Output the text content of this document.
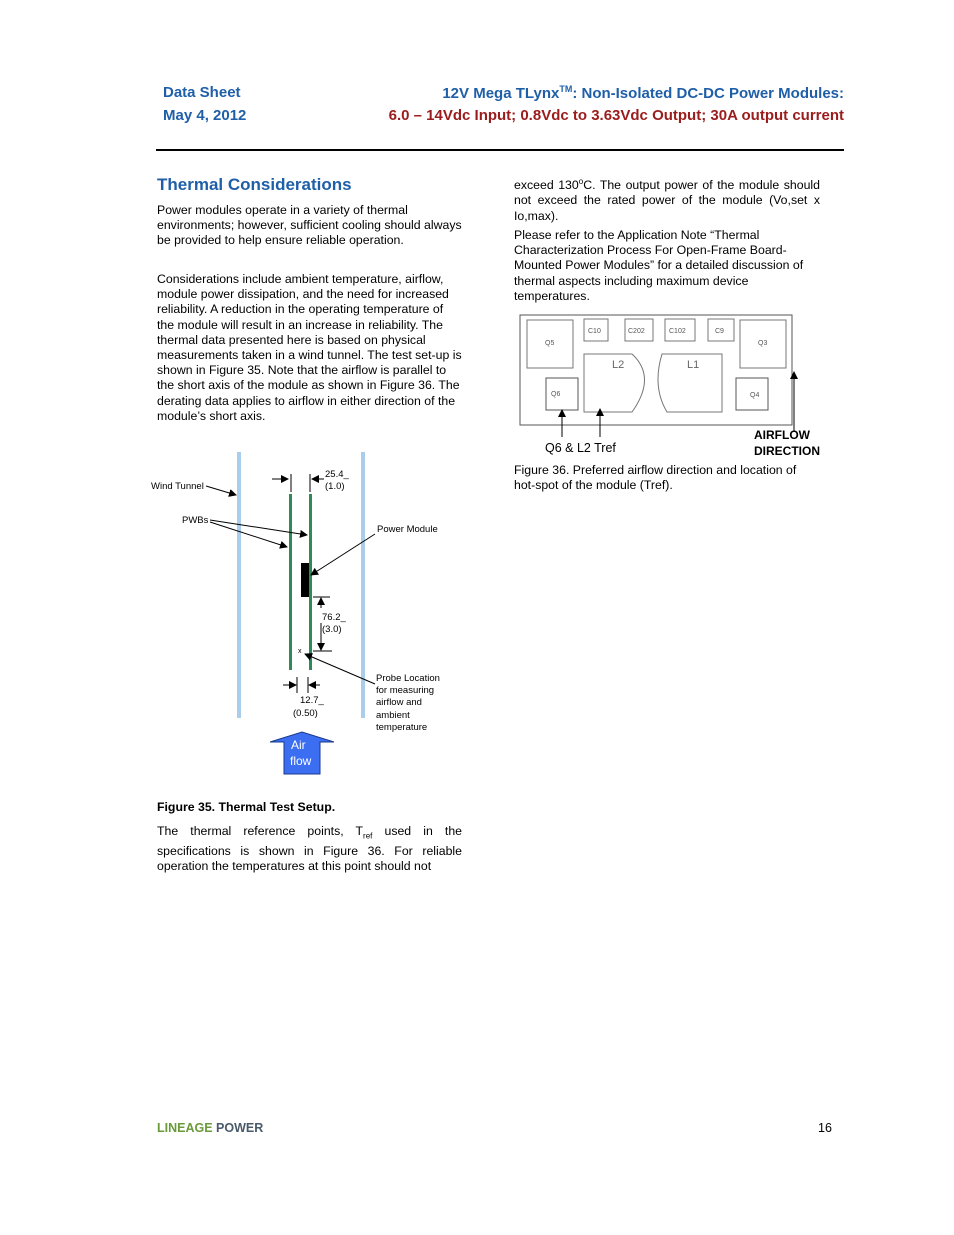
Data Sheet
May 4, 2012
12V Mega TLynx™: Non-Isolated DC-DC Power Modules:
6.0 – 14Vdc Input; 0.8Vdc to 3.63Vdc Output; 30A output current
Thermal Considerations

Power modules operate in a variety of thermal environments; however, sufficient cooling should always be provided to help ensure reliable operation.

Considerations include ambient temperature, airflow, module power dissipation, and the need for increased reliability. A reduction in the operating temperature of the module will result in an increase in reliability. The thermal data presented here is based on physical measurements taken in a wind tunnel. The test set-up is shown in Figure 35. Note that the airflow is parallel to the short axis of the module as shown in Figure 36. The derating data applies to airflow in either direction of the module’s short axis.

25.4_
(1.0)
Wind Tunnel
PWBs
Power Module
76.2_
(3.0)
x
Probe Location
for measuring
airflow and
ambient
temperature
12.7_
(0.50)
Air
flow
Figure 35. Thermal Test Setup.

The thermal reference points, $T_{ref}$ used in the specifications is shown in Figure 36. For reliable operation the temperatures at this point should not

exceed 130$^o$C. The output power of the module should not exceed the rated power of the module (Vo,set x Io,max).

Please refer to the Application Note “Thermal Characterization Process For Open-Frame Board-Mounted Power Modules” for a detailed discussion of thermal aspects including maximum device temperatures.

Q5
C10	C202	C102	C9
Q3
L2	L1
Q6	Q4
Q6 & L2 Tref
AIRFLOW
DIRECTION

Figure 36. Preferred airflow direction and location of hot-spot of the module (Tref).

LINEAGE POWER	16
